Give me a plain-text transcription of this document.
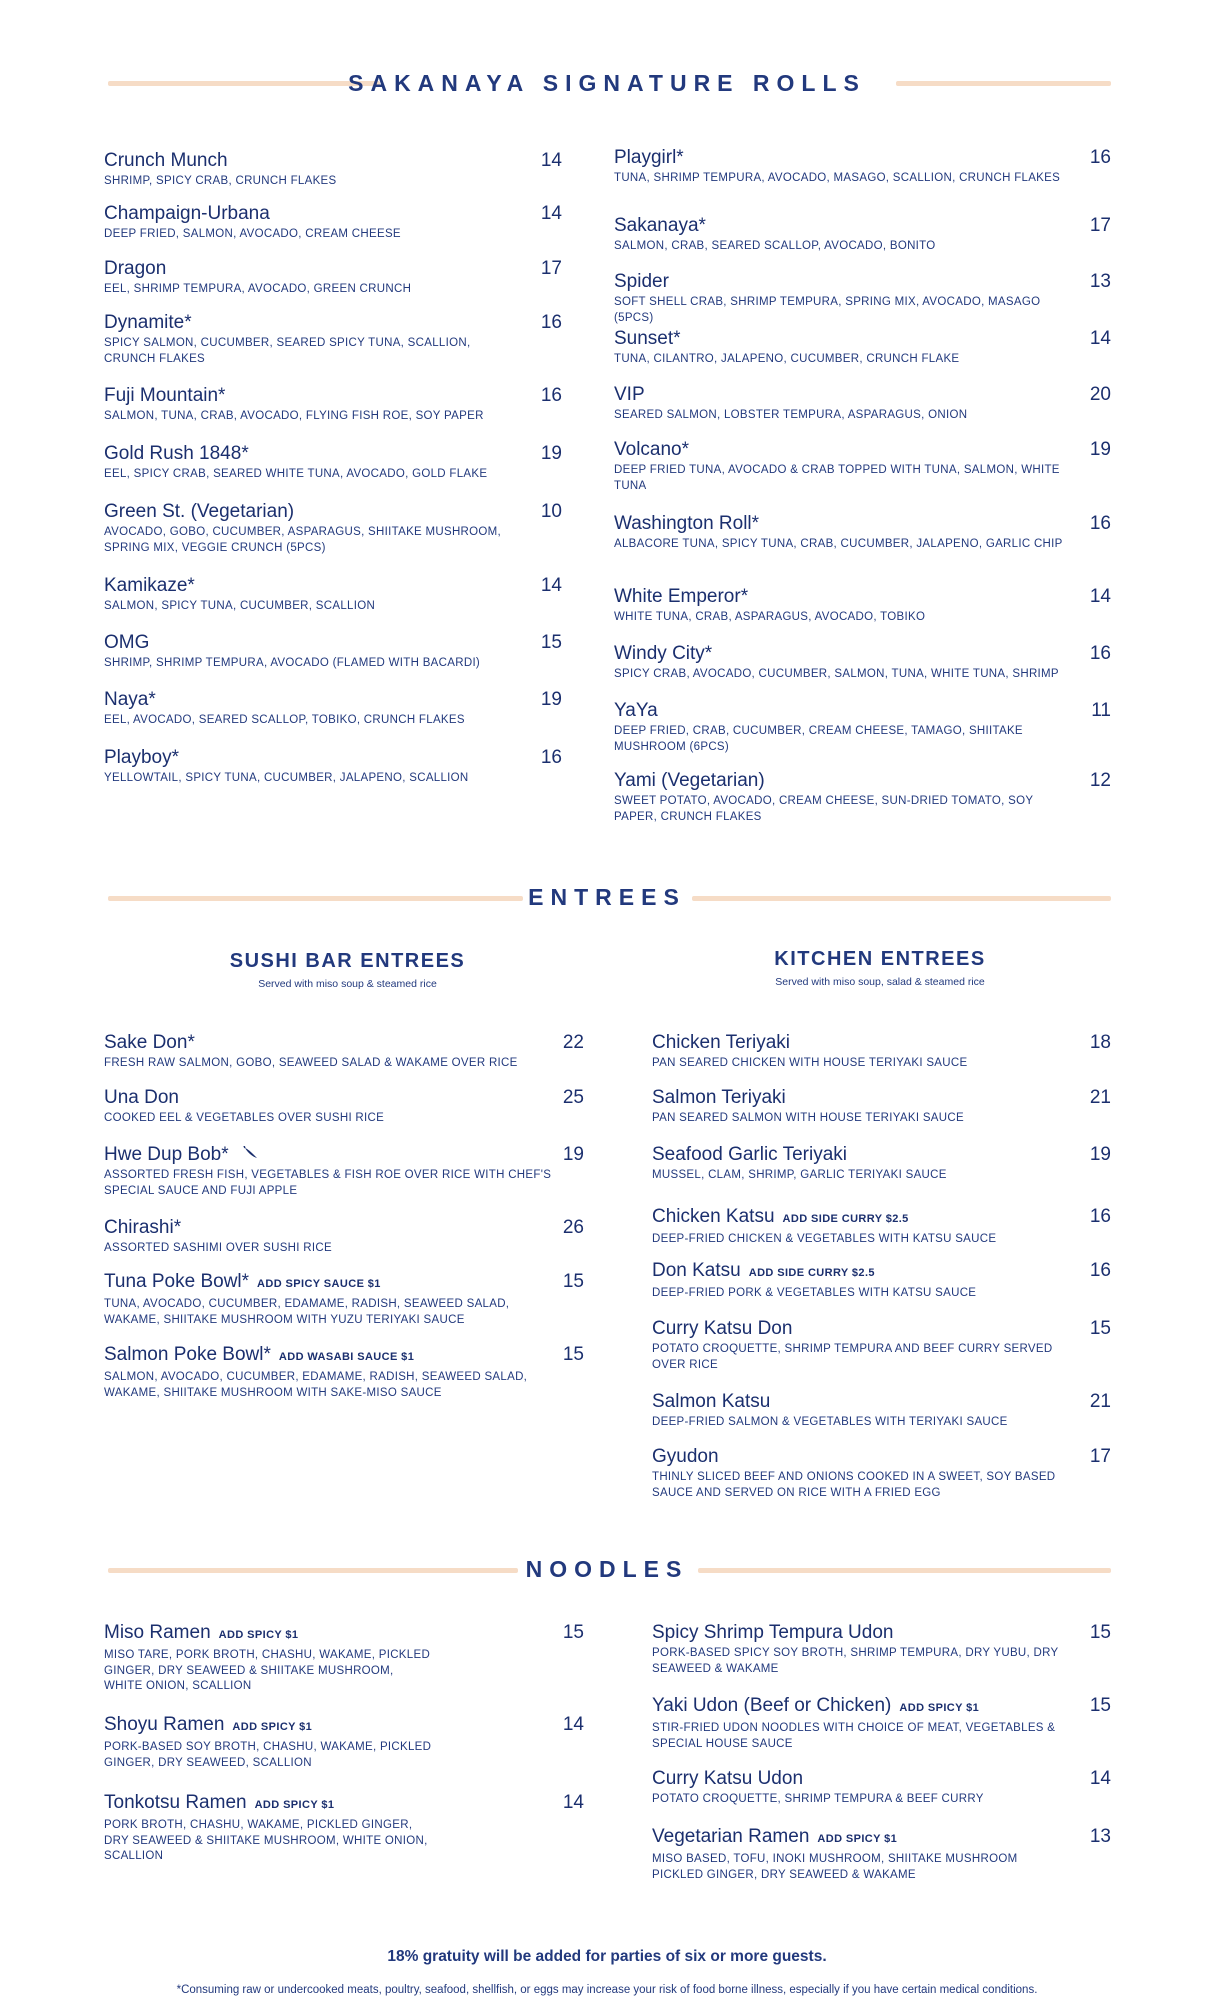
SAKANAYA SIGNATURE ROLLS
Crunch Munch	14
SHRIMP, SPICY CRAB, CRUNCH FLAKES
Champaign-Urbana	14
DEEP FRIED, SALMON, AVOCADO, CREAM CHEESE
Dragon	17
EEL, SHRIMP TEMPURA, AVOCADO, GREEN CRUNCH
Dynamite*	16
SPICY SALMON, CUCUMBER, SEARED SPICY TUNA, SCALLION, CRUNCH FLAKES
Fuji Mountain*	16
SALMON, TUNA, CRAB, AVOCADO, FLYING FISH ROE, SOY PAPER
Gold Rush 1848*	19
EEL, SPICY CRAB, SEARED WHITE TUNA, AVOCADO, GOLD FLAKE
Green St. (Vegetarian)	10
AVOCADO, GOBO, CUCUMBER, ASPARAGUS, SHIITAKE MUSHROOM, SPRING MIX, VEGGIE CRUNCH (5PCS)
Kamikaze*	14
SALMON, SPICY TUNA, CUCUMBER, SCALLION
OMG	15
SHRIMP, SHRIMP TEMPURA, AVOCADO (FLAMED WITH BACARDI)
Naya*	19
EEL, AVOCADO, SEARED SCALLOP, TOBIKO, CRUNCH FLAKES
Playboy*	16
YELLOWTAIL, SPICY TUNA, CUCUMBER, JALAPENO, SCALLION
Playgirl*	16
TUNA, SHRIMP TEMPURA, AVOCADO, MASAGO, SCALLION, CRUNCH FLAKES
Sakanaya*	17
SALMON, CRAB, SEARED SCALLOP, AVOCADO, BONITO
Spider	13
SOFT SHELL CRAB, SHRIMP TEMPURA, SPRING MIX, AVOCADO, MASAGO (5PCS)
Sunset*	14
TUNA, CILANTRO, JALAPENO, CUCUMBER, CRUNCH FLAKE
VIP	20
SEARED SALMON, LOBSTER TEMPURA, ASPARAGUS, ONION
Volcano*	19
DEEP FRIED TUNA, AVOCADO & CRAB TOPPED WITH TUNA, SALMON, WHITE TUNA
Washington Roll*	16
ALBACORE TUNA, SPICY TUNA, CRAB, CUCUMBER, JALAPENO, GARLIC CHIP
White Emperor*	14
WHITE TUNA, CRAB, ASPARAGUS, AVOCADO, TOBIKO
Windy City*	16
SPICY CRAB, AVOCADO, CUCUMBER, SALMON, TUNA, WHITE TUNA, SHRIMP
YaYa	11
DEEP FRIED, CRAB, CUCUMBER, CREAM CHEESE, TAMAGO, SHIITAKE MUSHROOM (6PCS)
Yami (Vegetarian)	12
SWEET POTATO, AVOCADO, CREAM CHEESE, SUN-DRIED TOMATO, SOY PAPER, CRUNCH FLAKES
ENTREES
SUSHI BAR ENTREES
Served with miso soup & steamed rice
KITCHEN ENTREES
Served with miso soup, salad & steamed rice
Sake Don*	22
FRESH RAW SALMON, GOBO, SEAWEED SALAD & WAKAME OVER RICE
Una Don	25
COOKED EEL & VEGETABLES OVER SUSHI RICE
Hwe Dup Bob*	19
ASSORTED FRESH FISH, VEGETABLES & FISH ROE OVER RICE WITH CHEF'S SPECIAL SAUCE AND FUJI APPLE
Chirashi*	26
ASSORTED SASHIMI OVER SUSHI RICE
Tuna Poke Bowl* ADD SPICY SAUCE $1	15
TUNA, AVOCADO, CUCUMBER, EDAMAME, RADISH, SEAWEED SALAD, WAKAME, SHIITAKE MUSHROOM WITH YUZU TERIYAKI SAUCE
Salmon Poke Bowl* ADD WASABI SAUCE $1	15
SALMON, AVOCADO, CUCUMBER, EDAMAME, RADISH, SEAWEED SALAD, WAKAME, SHIITAKE MUSHROOM WITH SAKE-MISO SAUCE
Chicken Teriyaki	18
PAN SEARED CHICKEN WITH HOUSE TERIYAKI SAUCE
Salmon Teriyaki	21
PAN SEARED SALMON WITH HOUSE TERIYAKI SAUCE
Seafood Garlic Teriyaki	19
MUSSEL, CLAM, SHRIMP, GARLIC TERIYAKI SAUCE
Chicken Katsu ADD SIDE CURRY $2.5	16
DEEP-FRIED CHICKEN & VEGETABLES WITH KATSU SAUCE
Don Katsu ADD SIDE CURRY $2.5	16
DEEP-FRIED PORK & VEGETABLES WITH KATSU SAUCE
Curry Katsu Don	15
POTATO CROQUETTE, SHRIMP TEMPURA AND BEEF CURRY SERVED OVER RICE
Salmon Katsu	21
DEEP-FRIED SALMON & VEGETABLES WITH TERIYAKI SAUCE
Gyudon	17
THINLY SLICED BEEF AND ONIONS COOKED IN A SWEET, SOY BASED SAUCE AND SERVED ON RICE WITH A FRIED EGG
NOODLES
Miso Ramen ADD SPICY $1	15
MISO TARE, PORK BROTH, CHASHU, WAKAME, PICKLED GINGER, DRY SEAWEED & SHIITAKE MUSHROOM, WHITE ONION, SCALLION
Shoyu Ramen ADD SPICY $1	14
PORK-BASED SOY BROTH, CHASHU, WAKAME, PICKLED GINGER, DRY SEAWEED, SCALLION
Tonkotsu Ramen ADD SPICY $1	14
PORK BROTH, CHASHU, WAKAME, PICKLED GINGER, DRY SEAWEED & SHIITAKE MUSHROOM, WHITE ONION, SCALLION
Spicy Shrimp Tempura Udon	15
PORK-BASED SPICY SOY BROTH, SHRIMP TEMPURA, DRY YUBU, DRY SEAWEED & WAKAME
Yaki Udon (Beef or Chicken) ADD SPICY $1	15
STIR-FRIED UDON NOODLES WITH CHOICE OF MEAT, VEGETABLES & SPECIAL HOUSE SAUCE
Curry Katsu Udon	14
POTATO CROQUETTE, SHRIMP TEMPURA & BEEF CURRY
Vegetarian Ramen ADD SPICY $1	13
MISO BASED, TOFU, INOKI MUSHROOM, SHIITAKE MUSHROOM PICKLED GINGER, DRY SEAWEED & WAKAME
18% gratuity will be added for parties of six or more guests.
*Consuming raw or undercooked meats, poultry, seafood, shellfish, or eggs may increase your risk of food borne illness, especially if you have certain medical conditions.
